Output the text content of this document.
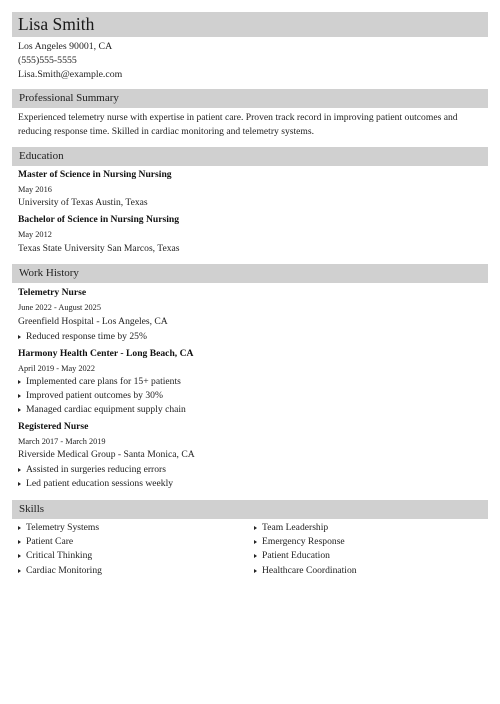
Lisa Smith
Los Angeles 90001, CA
(555)555-5555
Lisa.Smith@example.com
Professional Summary
Experienced telemetry nurse with expertise in patient care. Proven track record in improving patient outcomes and reducing response time. Skilled in cardiac monitoring and telemetry systems.
Education
Master of Science in Nursing Nursing
May 2016
University of Texas Austin, Texas
Bachelor of Science in Nursing Nursing
May 2012
Texas State University San Marcos, Texas
Work History
Telemetry Nurse
June 2022 - August 2025
Greenfield Hospital - Los Angeles, CA
Reduced response time by 25%
Harmony Health Center - Long Beach, CA
April 2019 - May 2022
Implemented care plans for 15+ patients
Improved patient outcomes by 30%
Managed cardiac equipment supply chain
Registered Nurse
March 2017 - March 2019
Riverside Medical Group - Santa Monica, CA
Assisted in surgeries reducing errors
Led patient education sessions weekly
Skills
Telemetry Systems
Patient Care
Critical Thinking
Cardiac Monitoring
Team Leadership
Emergency Response
Patient Education
Healthcare Coordination
